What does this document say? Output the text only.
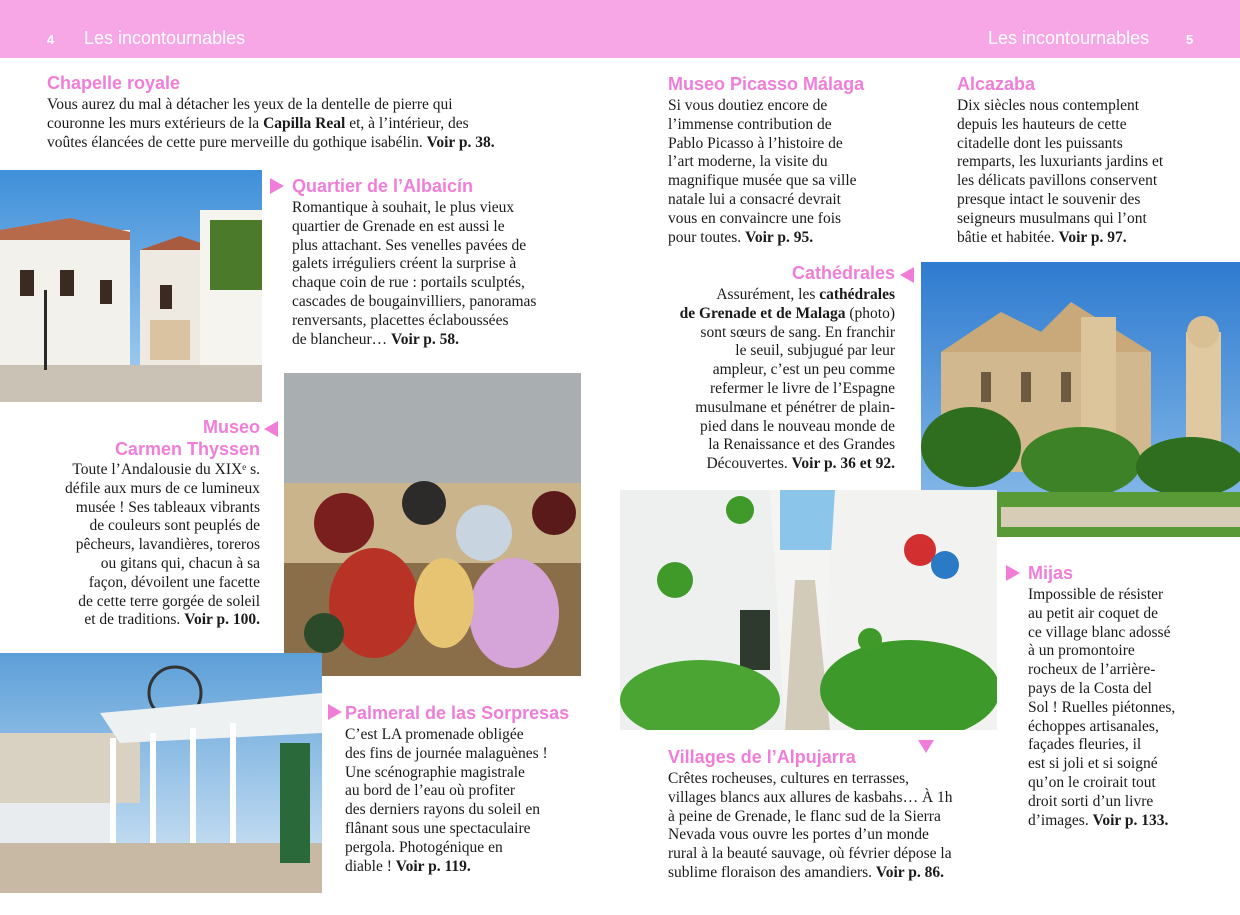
4 Les incontournables	Les incontournables	5
Chapelle royale
Vous aurez du mal à détacher les yeux de la dentelle de pierre qui
couronne les murs extérieurs de la Capilla Real et, à l’intérieur, des
voûtes élancées de cette pure merveille du gothique isabélin. Voir p. 38.
Quartier de l’Albaicín
Romantique à souhait, le plus vieux
quartier de Grenade en est aussi le
plus attachant. Ses venelles pavées de
galets irréguliers créent la surprise à
chaque coin de rue : portails sculptés,
cascades de bougainvilliers, panoramas
renversants, placettes éclaboussées
de blancheur… Voir p. 58.
Museo
Carmen Thyssen
Toute l’Andalousie du XIXᵉ s.
défile aux murs de ce lumineux
musée ! Ses tableaux vibrants
de couleurs sont peuplés de
pêcheurs, lavandières, toreros
ou gitans qui, chacun à sa
façon, dévoilent une facette
de cette terre gorgée de soleil
et de traditions. Voir p. 100.
Palmeral de las Sorpresas
C’est LA promenade obligée
des fins de journée malaguènes !
Une scénographie magistrale
au bord de l’eau où profiter
des derniers rayons du soleil en
flânant sous une spectaculaire
pergola. Photogénique en
diable ! Voir p. 119.
Museo Picasso Málaga
Si vous doutiez encore de
l’immense contribution de
Pablo Picasso à l’histoire de
l’art moderne, la visite du
magnifique musée que sa ville
natale lui a consacré devrait
vous en convaincre une fois
pour toutes. Voir p. 95.
Alcazaba
Dix siècles nous contemplent
depuis les hauteurs de cette
citadelle dont les puissants
remparts, les luxuriants jardins et
les délicats pavillons conservent
presque intact le souvenir des
seigneurs musulmans qui l’ont
bâtie et habitée. Voir p. 97.
Cathédrales
Assurément, les cathédrales
de Grenade et de Malaga (photo)
sont sœurs de sang. En franchir
le seuil, subjugué par leur
ampleur, c’est un peu comme
refermer le livre de l’Espagne
musulmane et pénétrer de plain-
pied dans le nouveau monde de
la Renaissance et des Grandes
Découvertes. Voir p. 36 et 92.
Mijas
Impossible de résister
au petit air coquet de
ce village blanc adossé
à un promontoire
rocheux de l’arrière-
pays de la Costa del
Sol ! Ruelles piétonnes,
échoppes artisanales,
façades fleuries, il
est si joli et si soigné
qu’on le croirait tout
droit sorti d’un livre
d’images. Voir p. 133.
Villages de l’Alpujarra
Crêtes rocheuses, cultures en terrasses,
villages blancs aux allures de kasbahs… À 1h
à peine de Grenade, le flanc sud de la Sierra
Nevada vous ouvre les portes d’un monde
rural à la beauté sauvage, où février dépose la
sublime floraison des amandiers. Voir p. 86.
